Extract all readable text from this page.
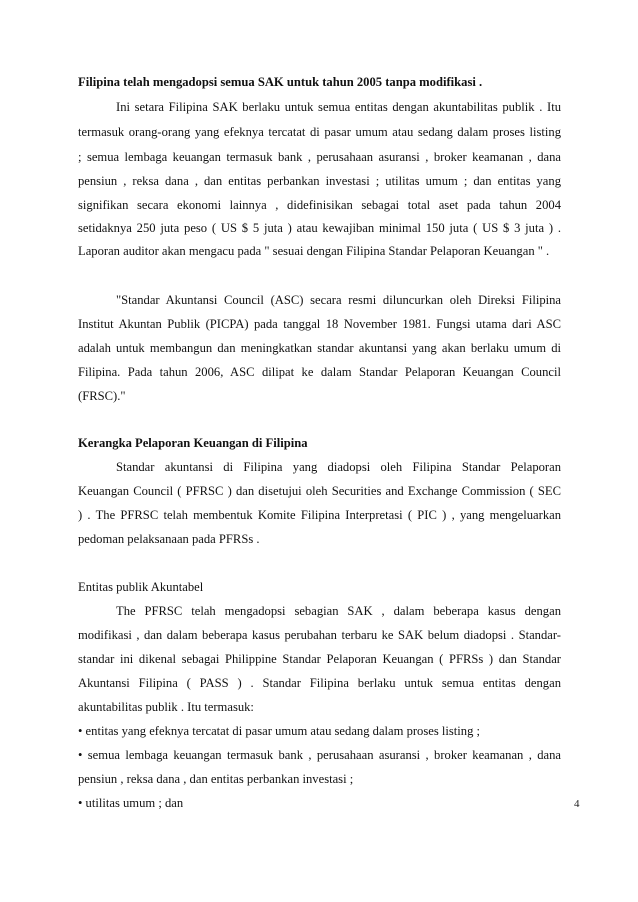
Filipina telah mengadopsi semua SAK untuk tahun 2005 tanpa modifikasi .
Ini setara Filipina SAK berlaku untuk semua entitas dengan akuntabilitas publik . Itu
termasuk orang-orang yang efeknya tercatat di pasar umum atau sedang dalam proses listing
; semua lembaga keuangan termasuk bank , perusahaan asuransi , broker keamanan , dana
pensiun , reksa dana , dan entitas perbankan investasi ; utilitas umum ; dan entitas yang
signifikan secara ekonomi lainnya , didefinisikan sebagai total aset pada tahun 2004
setidaknya 250 juta peso ( US $ 5 juta ) atau kewajiban minimal 150 juta ( US $ 3 juta ) .
Laporan auditor akan mengacu pada " sesuai dengan Filipina Standar Pelaporan Keuangan " .
"Standar Akuntansi Council (ASC) secara resmi diluncurkan oleh Direksi Filipina
Institut Akuntan Publik (PICPA) pada tanggal 18 November 1981. Fungsi utama dari ASC
adalah untuk membangun dan meningkatkan standar akuntansi yang akan berlaku umum di
Filipina. Pada tahun 2006, ASC dilipat ke dalam Standar Pelaporan Keuangan Council
(FRSC)."
Kerangka Pelaporan Keuangan di Filipina
Standar akuntansi di Filipina yang diadopsi oleh Filipina Standar Pelaporan
Keuangan Council ( PFRSC ) dan disetujui oleh Securities and Exchange Commission ( SEC
) . The PFRSC telah membentuk Komite Filipina Interpretasi ( PIC ) , yang mengeluarkan
pedoman pelaksanaan pada PFRSs .
Entitas publik Akuntabel
The PFRSC telah mengadopsi sebagian SAK , dalam beberapa kasus dengan
modifikasi , dan dalam beberapa kasus perubahan terbaru ke SAK belum diadopsi . Standar-
standar ini dikenal sebagai Philippine Standar Pelaporan Keuangan ( PFRSs ) dan Standar
Akuntansi Filipina ( PASS ) . Standar Filipina berlaku untuk semua entitas dengan
akuntabilitas publik . Itu termasuk:
• entitas yang efeknya tercatat di pasar umum atau sedang dalam proses listing ;
• semua lembaga keuangan termasuk bank , perusahaan asuransi , broker keamanan , dana
pensiun , reksa dana , dan entitas perbankan investasi ;
• utilitas umum ; dan	4
